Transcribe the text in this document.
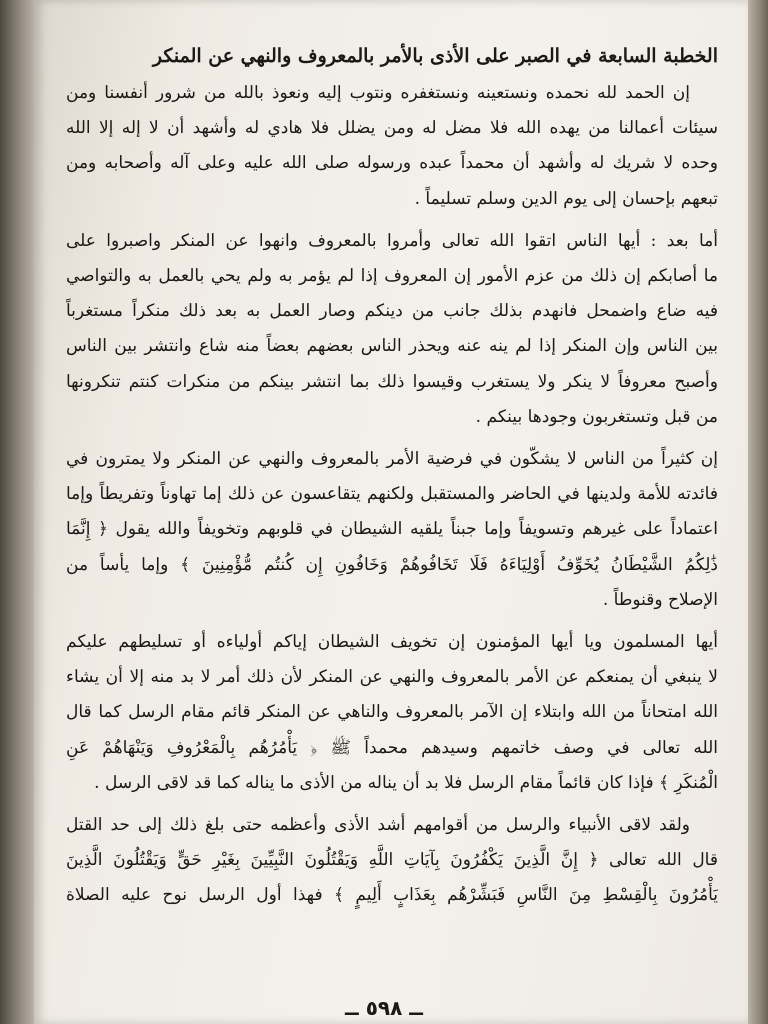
الخطبة السابعة في الصبر على الأذى بالأمر بالمعروف والنهي عن المنكر

إن الحمد لله نحمده ونستعينه ونستغفره ونتوب إليه ونعوذ بالله من شرور أنفسنا ومن
سيئات أعمالنا من يهده الله فلا مضل له ومن يضلل فلا هادي له وأشهد أن لا إله إلا الله
وحده لا شريك له وأشهد أن محمداً عبده ورسوله صلى الله عليه وعلى آله وأصحابه ومن
تبعهم بإحسان إلى يوم الدين وسلم تسليماً .

أما بعد : أيها الناس اتقوا الله تعالى وأمروا بالمعروف وانهوا عن المنكر واصبروا على
ما أصابكم إن ذلك من عزم الأمور إن المعروف إذا لم يؤمر به ولم يحي بالعمل به والتواصي
فيه ضاع واضمحل فانهدم بذلك جانب من دينكم وصار العمل به بعد ذلك منكراً مستغرباً
بين الناس وإن المنكر إذا لم ينه عنه ويحذر الناس بعضهم بعضاً منه شاع وانتشر بين الناس
وأصبح معروفاً لا ينكر ولا يستغرب وقيسوا ذلك بما انتشر بينكم من منكرات كنتم تنكرونها
من قبل وتستغربون وجودها بينكم .

إن كثيراً من الناس لا يشكّون في فرضية الأمر بالمعروف والنهي عن المنكر ولا يمترون في
فائدته للأمة ولدينها في الحاضر والمستقبل ولكنهم يتقاعسون عن ذلك إما تهاوناً وتفريطاً وإما
اعتماداً على غيرهم وتسويفاً وإما جبناً يلقيه الشيطان في قلوبهم وتخويفاً والله يقول ﴿ إِنَّمَا
ذَٰلِكُمُ الشَّيْطَانُ يُخَوِّفُ أَوْلِيَاءَهُ فَلَا تَخَافُوهُمْ وَخَافُونِ إِن كُنتُم مُّؤْمِنِينَ ﴾ وإما يأساً من
الإصلاح وقنوطاً .

أيها المسلمون ويا أيها المؤمنون إن تخويف الشيطان إياكم أولياءه أو تسليطهم عليكم
لا ينبغي أن يمنعكم عن الأمر بالمعروف والنهي عن المنكر لأن ذلك أمر لا بد منه إلا أن يشاء
الله امتحاناً من الله وابتلاء إن الآمر بالمعروف والناهي عن المنكر قائم مقام الرسل كما قال
الله تعالى في وصف خاتمهم وسيدهم محمداً ﷺ ﴿ يَأْمُرُهُم بِالْمَعْرُوفِ وَيَنْهَاهُمْ عَنِ
الْمُنكَرِ ﴾ فإذا كان قائماً مقام الرسل فلا بد أن يناله من الأذى ما يناله كما قد لاقى الرسل .

ولقد لاقى الأنبياء والرسل من أقوامهم أشد الأذى وأعظمه حتى بلغ ذلك إلى حد القتل
قال الله تعالى ﴿ إِنَّ الَّذِينَ يَكْفُرُونَ بِآيَاتِ اللَّهِ وَيَقْتُلُونَ النَّبِيِّينَ بِغَيْرِ حَقٍّ وَيَقْتُلُونَ الَّذِينَ
يَأْمُرُونَ بِالْقِسْطِ مِنَ النَّاسِ فَبَشِّرْهُم بِعَذَابٍ أَلِيمٍ ﴾ فهذا أول الرسل نوح عليه الصلاة

ــ ٥٩٨ ــ
